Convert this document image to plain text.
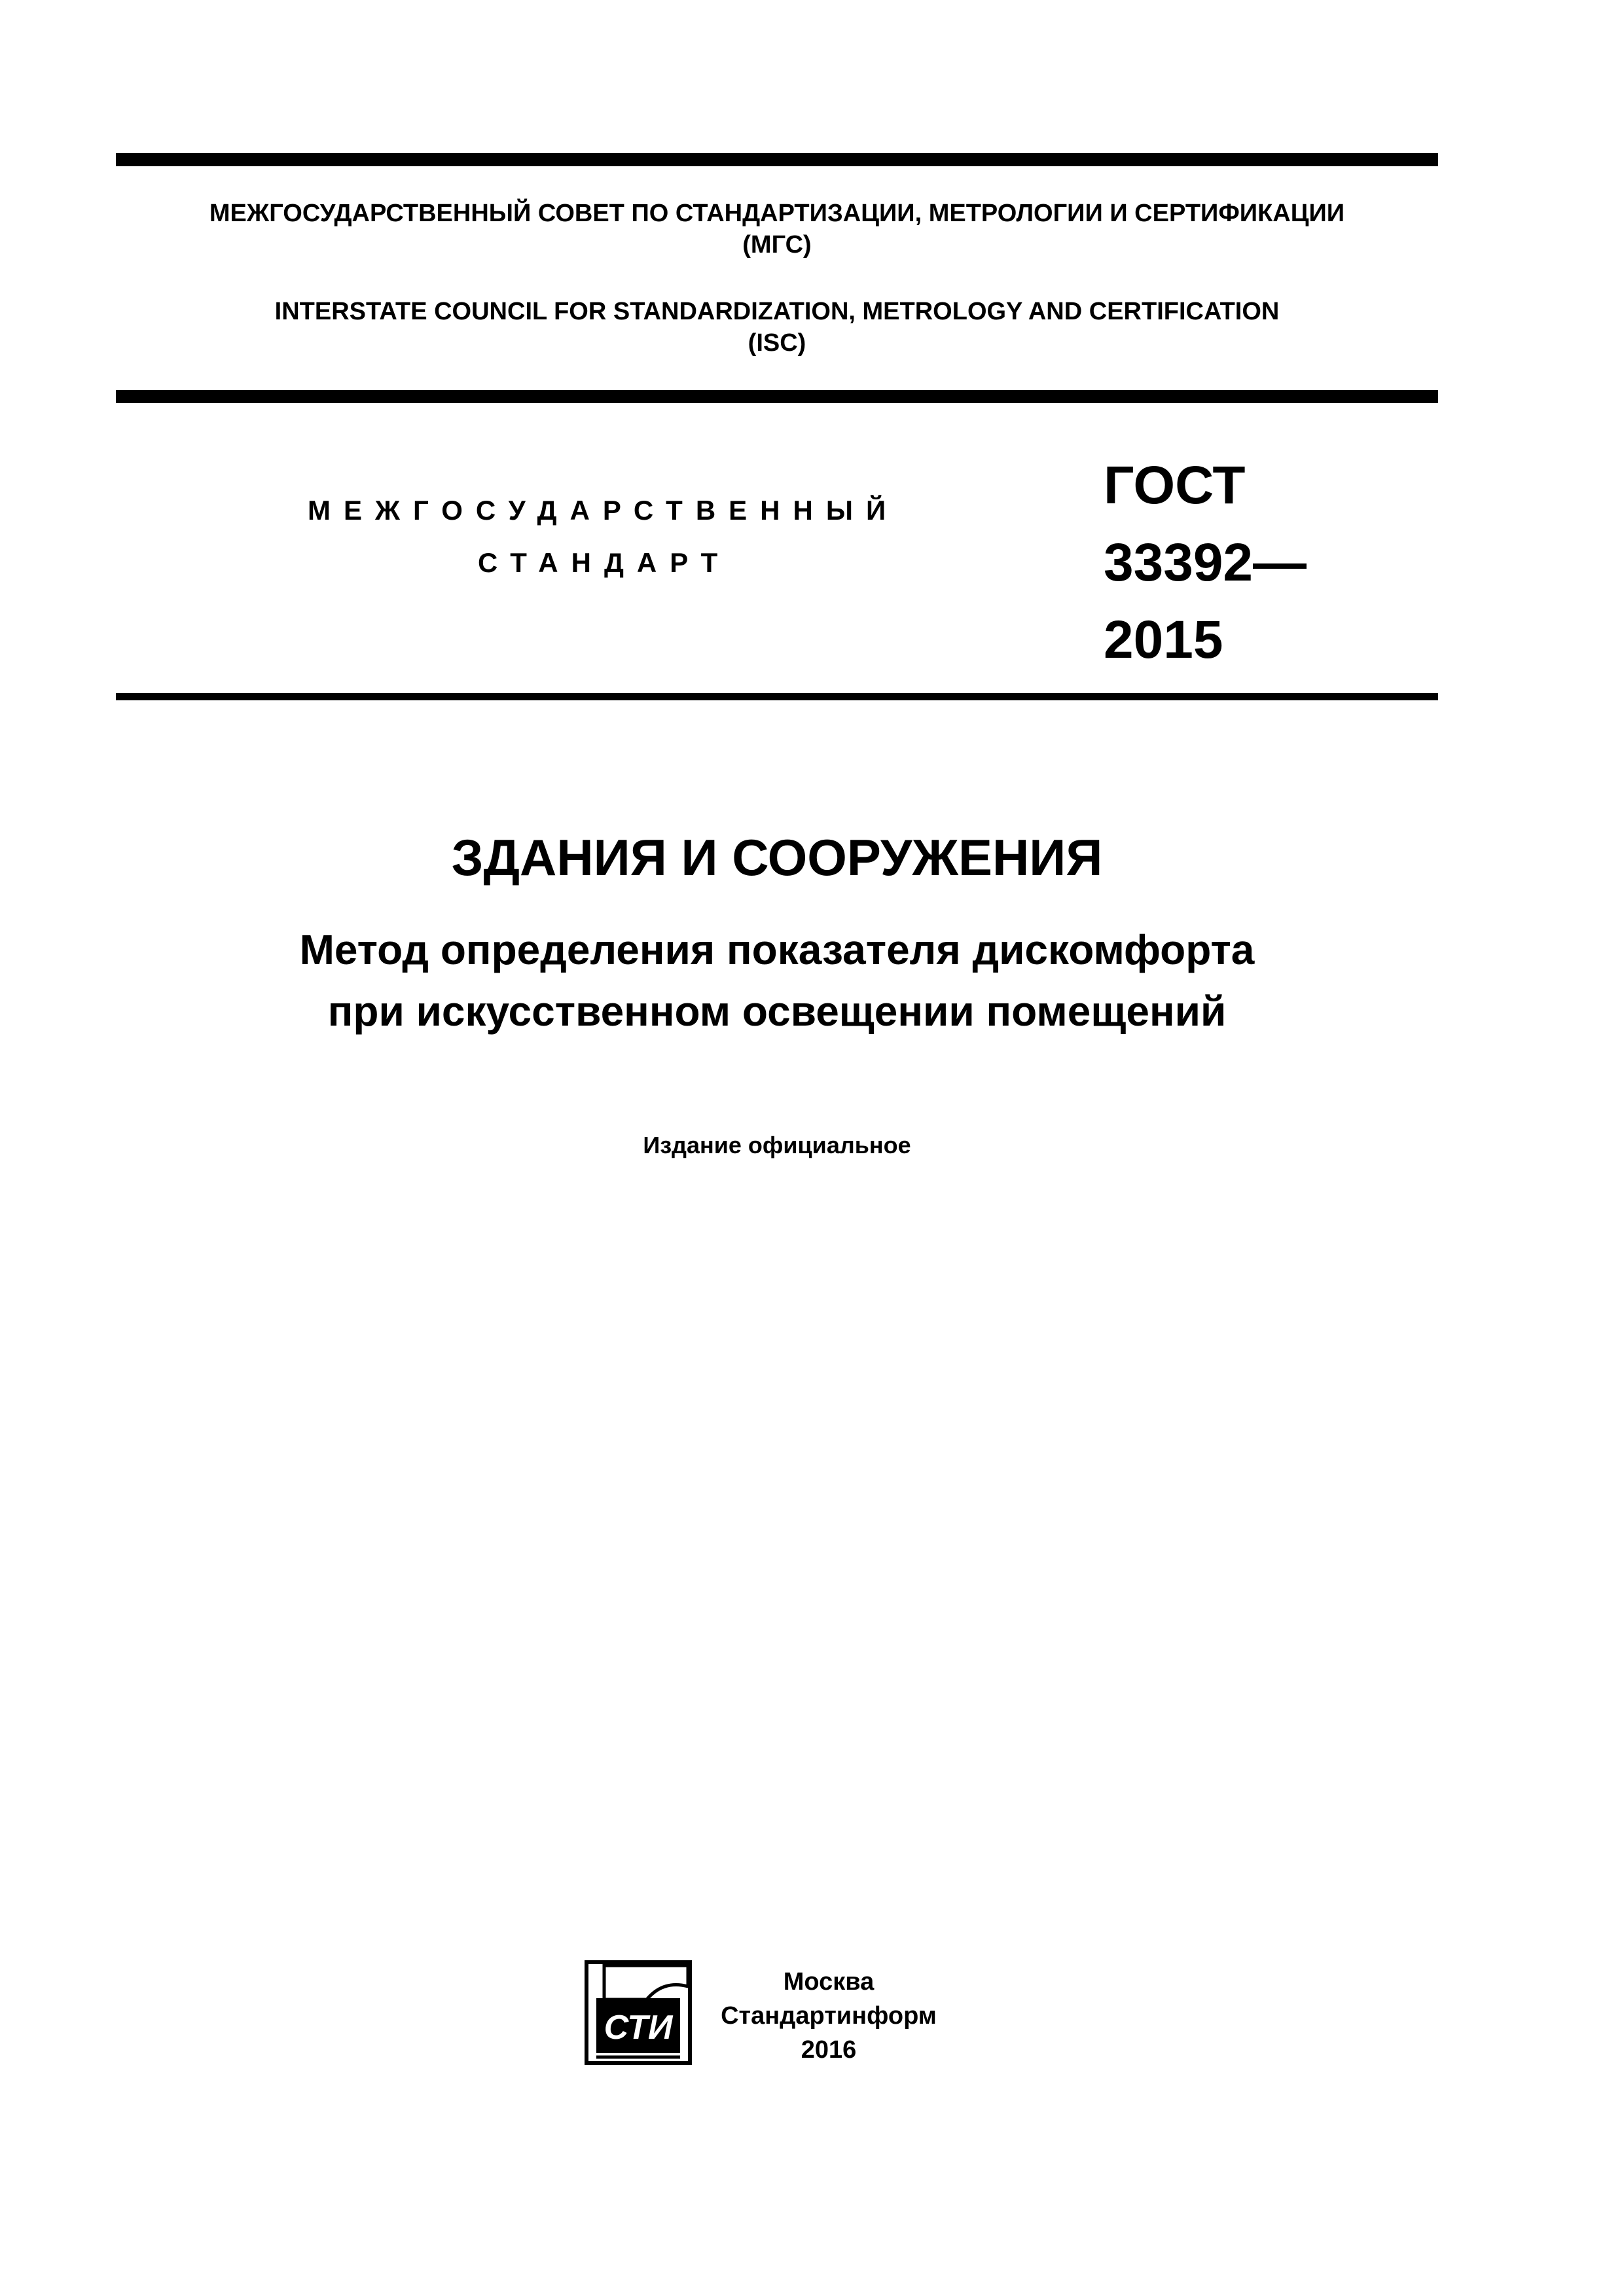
МЕЖГОСУДАРСТВЕННЫЙ СОВЕТ ПО СТАНДАРТИЗАЦИИ, МЕТРОЛОГИИ И СЕРТИФИКАЦИИ
(МГС)
INTERSTATE COUNCIL FOR STANDARDIZATION, METROLOGY AND CERTIFICATION
(ISC)
МЕЖГОСУДАРСТВЕННЫЙ
СТАНДАРТ
ГОСТ
33392—
2015
ЗДАНИЯ И СООРУЖЕНИЯ
Метод определения показателя дискомфорта
при искусственном освещении помещений
Издание официальное
СТИ
Москва
Стандартинформ
2016
